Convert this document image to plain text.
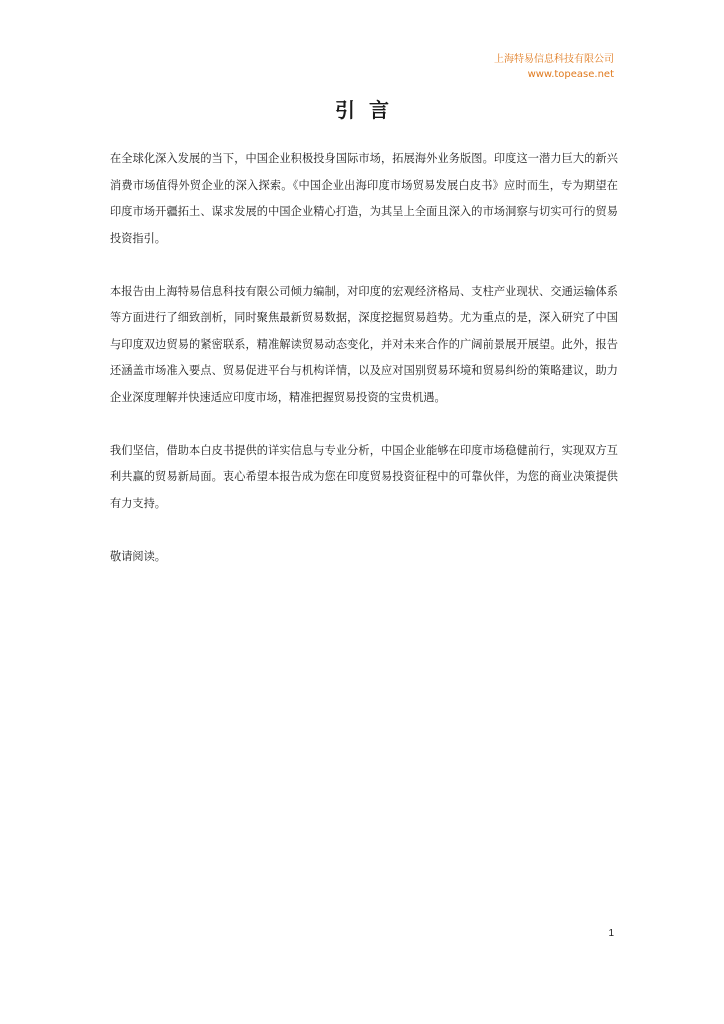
上海特易信息科技有限公司
www.topease.net
引言

在全球化深入发展的当下，中国企业积极投身国际市场，拓展海外业务版图。印度这一潜力巨大的新兴消费市场值得外贸企业的深入探索。《中国企业出海印度市场贸易发展白皮书》应时而生，专为期望在印度市场开疆拓土、谋求发展的中国企业精心打造，为其呈上全面且深入的市场洞察与切实可行的贸易投资指引。

本报告由上海特易信息科技有限公司倾力编制，对印度的宏观经济格局、支柱产业现状、交通运输体系等方面进行了细致剖析，同时聚焦最新贸易数据，深度挖掘贸易趋势。尤为重点的是，深入研究了中国与印度双边贸易的紧密联系，精准解读贸易动态变化，并对未来合作的广阔前景展开展望。此外，报告还涵盖市场准入要点、贸易促进平台与机构详情，以及应对国别贸易环境和贸易纠纷的策略建议，助力企业深度理解并快速适应印度市场，精准把握贸易投资的宝贵机遇。

我们坚信，借助本白皮书提供的详实信息与专业分析，中国企业能够在印度市场稳健前行，实现双方互利共赢的贸易新局面。衷心希望本报告成为您在印度贸易投资征程中的可靠伙伴，为您的商业决策提供有力支持。

敬请阅读。

1
